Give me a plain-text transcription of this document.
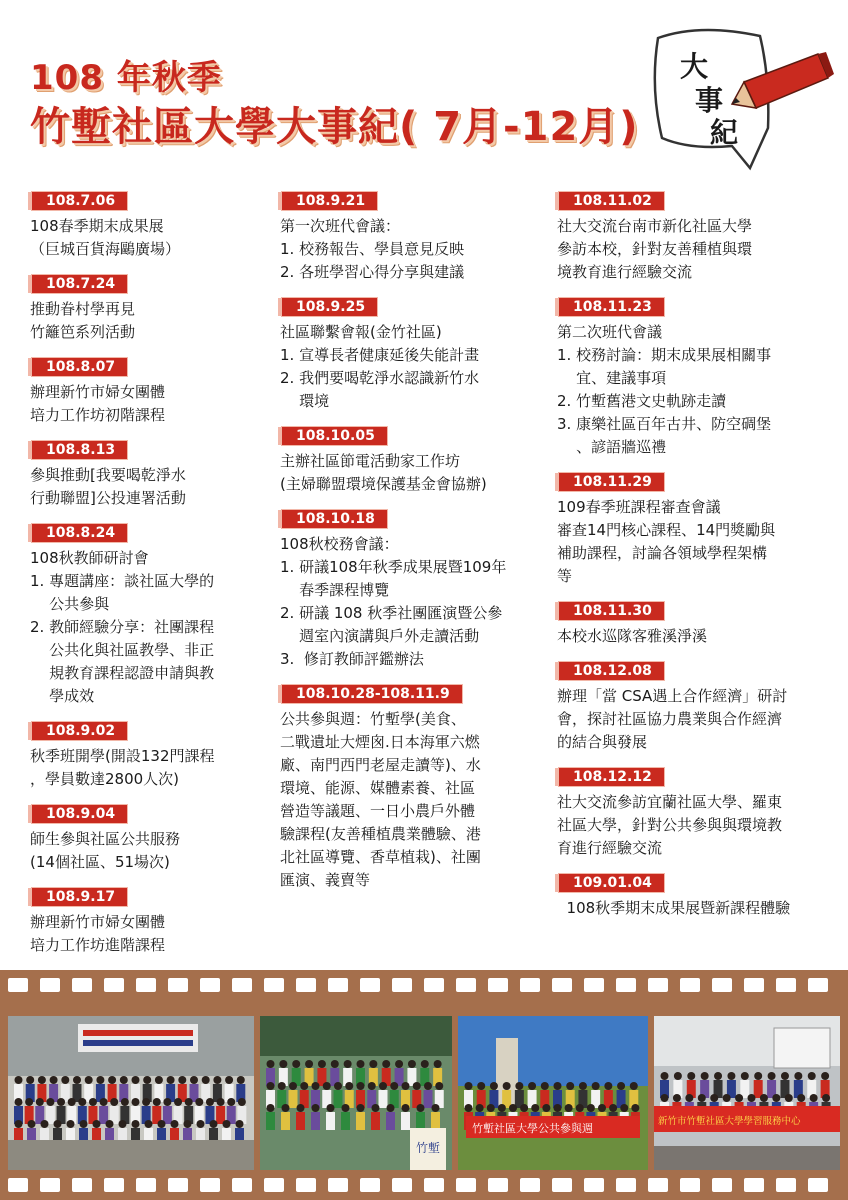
108 年秋季
竹塹社區大學大事紀( 7月-12月)
大
事
紀
108.7.06
108春季期末成果展
（巨城百貨海鷗廣場）
108.7.24
推動眷村學再見
竹籬笆系列活動
108.8.07
辦理新竹市婦女團體
培力工作坊初階課程
108.8.13
參與推動[我要喝乾淨水
行動聯盟]公投連署活動
108.8.24
108秋教師研討會
1. 專題講座：談社區大學的
公共參與
2. 教師經驗分享：社團課程
公共化與社區教學、非正
規教育課程認證申請與教
學成效
108.9.02
秋季班開學(開設132門課程
，學員數達2800人次)
108.9.04
師生參與社區公共服務
(14個社區、51場次)
108.9.17
辦理新竹市婦女團體
培力工作坊進階課程
108.9.21
第一次班代會議：
1. 校務報告、學員意見反映
2. 各班學習心得分享與建議
108.9.25
社區聯繫會報(金竹社區)
1. 宣導長者健康延後失能計畫
2. 我們要喝乾淨水認識新竹水
環境
108.10.05
主辦社區節電活動家工作坊
(主婦聯盟環境保護基金會協辦)
108.10.18
108秋校務會議：
1. 研議108年秋季成果展暨109年
春季課程博覽
2. 研議 108 秋季社團匯演暨公參
週室內演講與戶外走讀活動
3.  修訂教師評鑑辦法
108.10.28-108.11.9
公共參與週：竹塹學(美食、
二戰遺址大煙囪.日本海軍六燃
廠、南門西門老屋走讀等)、水
環境、能源、媒體素養、社區
營造等議題、一日小農戶外體
驗課程(友善種植農業體驗、港
北社區導覽、香草植栽)、社團
匯演、義賣等
108.11.02
社大交流台南市新化社區大學
參訪本校，針對友善種植與環
境教育進行經驗交流
108.11.23
第二次班代會議
1. 校務討論：期末成果展相關事
宜、建議事項
2. 竹塹舊港文史軌跡走讀
3. 康樂社區百年古井、防空碉堡
、諺語牆巡禮
108.11.29
109春季班課程審查會議
審查14門核心課程、14門獎勵與
補助課程，討論各領域學程架構
等
108.11.30
本校水巡隊客雅溪淨溪
108.12.08
辦理「當 CSA遇上合作經濟」研討
會，探討社區協力農業與合作經濟
的結合與發展
108.12.12
社大交流參訪宜蘭社區大學、羅東
社區大學，針對公共參與與環境教
育進行經驗交流
109.01.04
108秋季期末成果展暨新課程體驗
竹塹
竹塹社區大學公共參與週
新竹市竹塹社區大學學習服務中心
